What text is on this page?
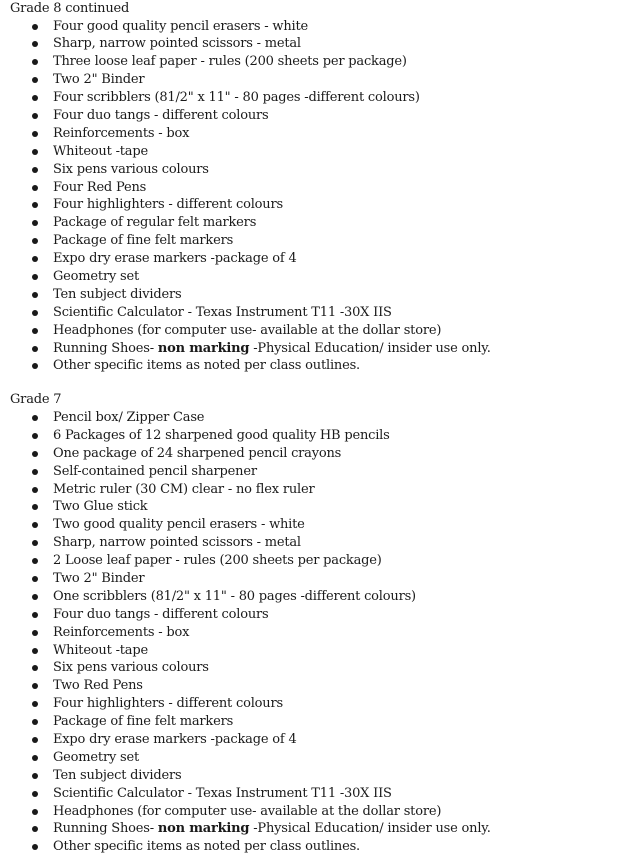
Grade 8 continued
Four good quality pencil erasers - white
Sharp, narrow pointed scissors - metal
Three loose leaf paper - rules (200 sheets per package)
Two 2" Binder
Four scribblers (81/2" x 11" - 80 pages -different colours)
Four duo tangs - different colours
Reinforcements - box
Whiteout -tape
Six pens various colours
Four Red Pens
Four highlighters - different colours
Package of regular felt markers
Package of fine felt markers
Expo dry erase markers -package of 4
Geometry set
Ten subject dividers
Scientific Calculator - Texas Instrument T11 -30X IIS
Headphones (for computer use- available at the dollar store)
Running Shoes- non marking -Physical Education/ insider use only.
Other specific items as noted per class outlines.
Grade 7
Pencil box/ Zipper Case
6 Packages of 12 sharpened good quality HB pencils
One package of 24 sharpened pencil crayons
Self-contained pencil sharpener
Metric ruler (30 CM) clear - no flex ruler
Two Glue stick
Two good quality pencil erasers - white
Sharp, narrow pointed scissors - metal
2 Loose leaf paper - rules (200 sheets per package)
Two 2" Binder
One scribblers (81/2" x 11" - 80 pages -different colours)
Four duo tangs - different colours
Reinforcements - box
Whiteout -tape
Six pens various colours
Two Red Pens
Four highlighters - different colours
Package of fine felt markers
Expo dry erase markers -package of 4
Geometry set
Ten subject dividers
Scientific Calculator - Texas Instrument T11 -30X IIS
Headphones (for computer use- available at the dollar store)
Running Shoes- non marking -Physical Education/ insider use only.
Other specific items as noted per class outlines.
